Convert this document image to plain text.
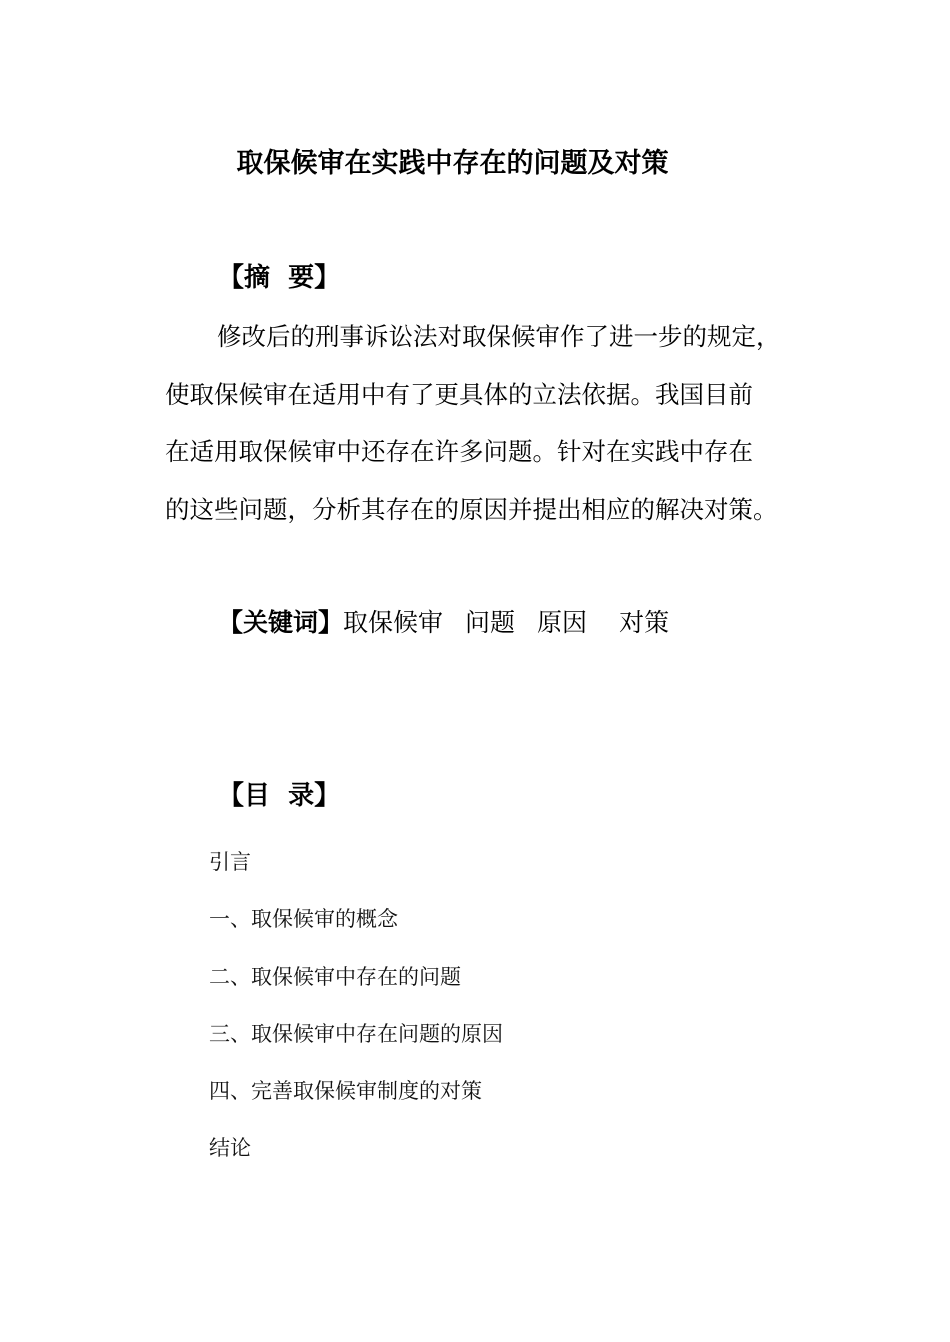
取保候审在实践中存在的问题及对策
【摘  要】

修改后的刑事诉讼法对取保候审作了进一步的规定，
使取保候审在适用中有了更具体的立法依据。我国目前
在适用取保候审中还存在许多问题。针对在实践中存在
的这些问题，分析其存在的原因并提出相应的解决对策。

【关键词】取保候审 问题 原因 对策

【目  录】
引言
一、取保候审的概念
二、取保候审中存在的问题
三、取保候审中存在问题的原因
四、完善取保候审制度的对策
结论
